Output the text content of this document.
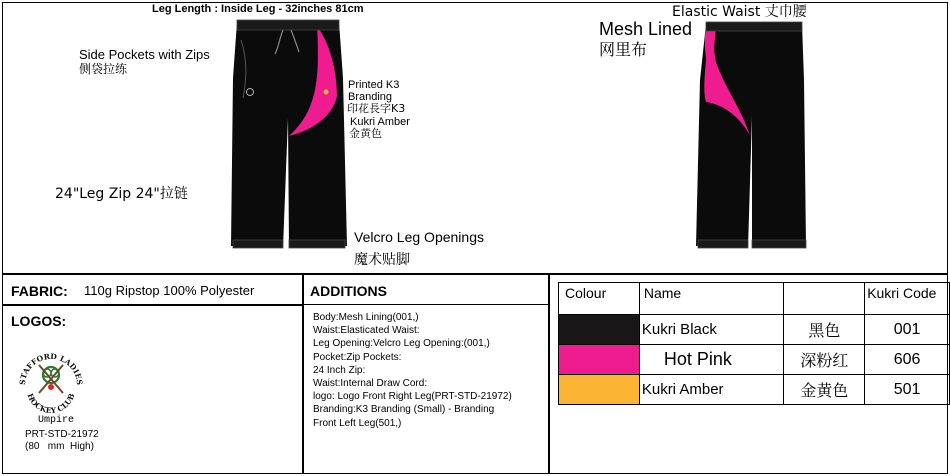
Leg Length : Inside Leg - 32inches 81cm
Side Pockets with Zips
侧袋拉练
Printed K3
Branding
印花長字K3
Kukri Amber
金黄色
24"Leg Zip 24"拉链
Velcro Leg Openings
魔术贴脚
Elastic Waist 丈巾腰
Mesh Lined
网里布
FABRIC: 110g Ripstop 100% Polyester
LOGOS:
STAFFORD LADIES
HOCKEY CLUB
Umpire
PRT-STD-21972
(80   mm  High)
ADDITIONS
Body:Mesh Lining(001,)
Waist:Elasticated Waist:
Leg Opening:Velcro Leg Opening:(001,)
Pocket:Zip Pockets:
24 Inch Zip:
Waist:Internal Draw Cord:
logo: Logo Front Right Leg(PRT-STD-21972)
Branding:K3 Branding (Small) - Branding
Front Left Leg(501,)
Colour	Name		Kukri Code
	Kukri Black	黑色	001
	Hot Pink	深粉红	606
	Kukri Amber	金黄色	501
